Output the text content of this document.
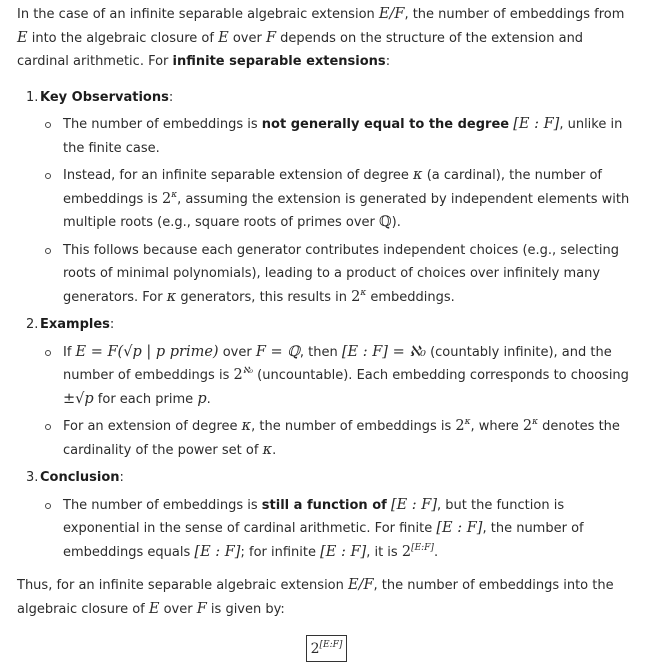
In the case of an infinite separable algebraic extension E/F, the number of embeddings from E into the algebraic closure of E over F depends on the structure of the extension and cardinal arithmetic. For infinite separable extensions:

1. Key Observations:
The number of embeddings is not generally equal to the degree [E : F], unlike in the finite case.
Instead, for an infinite separable extension of degree κ (a cardinal), the number of embeddings is $2^\kappa$, assuming the extension is generated by independent elements with multiple roots (e.g., square roots of primes over ℚ).
This follows because each generator contributes independent choices (e.g., selecting roots of minimal polynomials), leading to a product of choices over infinitely many generators. For κ generators, this results in $2^\kappa$ embeddings.
2. Examples:
If E = F(√p | p prime) over F = ℚ, then [E : F] = ℵ₀ (countably infinite), and the number of embeddings is $2^{ℵ_0}$ (uncountable). Each embedding corresponds to choosing ±√p for each prime p.
For an extension of degree κ, the number of embeddings is $2^\kappa$, where $2^\kappa$ denotes the cardinality of the power set of κ.
3. Conclusion:
The number of embeddings is still a function of [E : F], but the function is exponential in the sense of cardinal arithmetic. For finite [E : F], the number of embeddings equals [E : F]; for infinite [E : F], it is 2[E:F].

Thus, for an infinite separable algebraic extension E/F, the number of embeddings into the algebraic closure of E over F is given by:

2[E:F]
